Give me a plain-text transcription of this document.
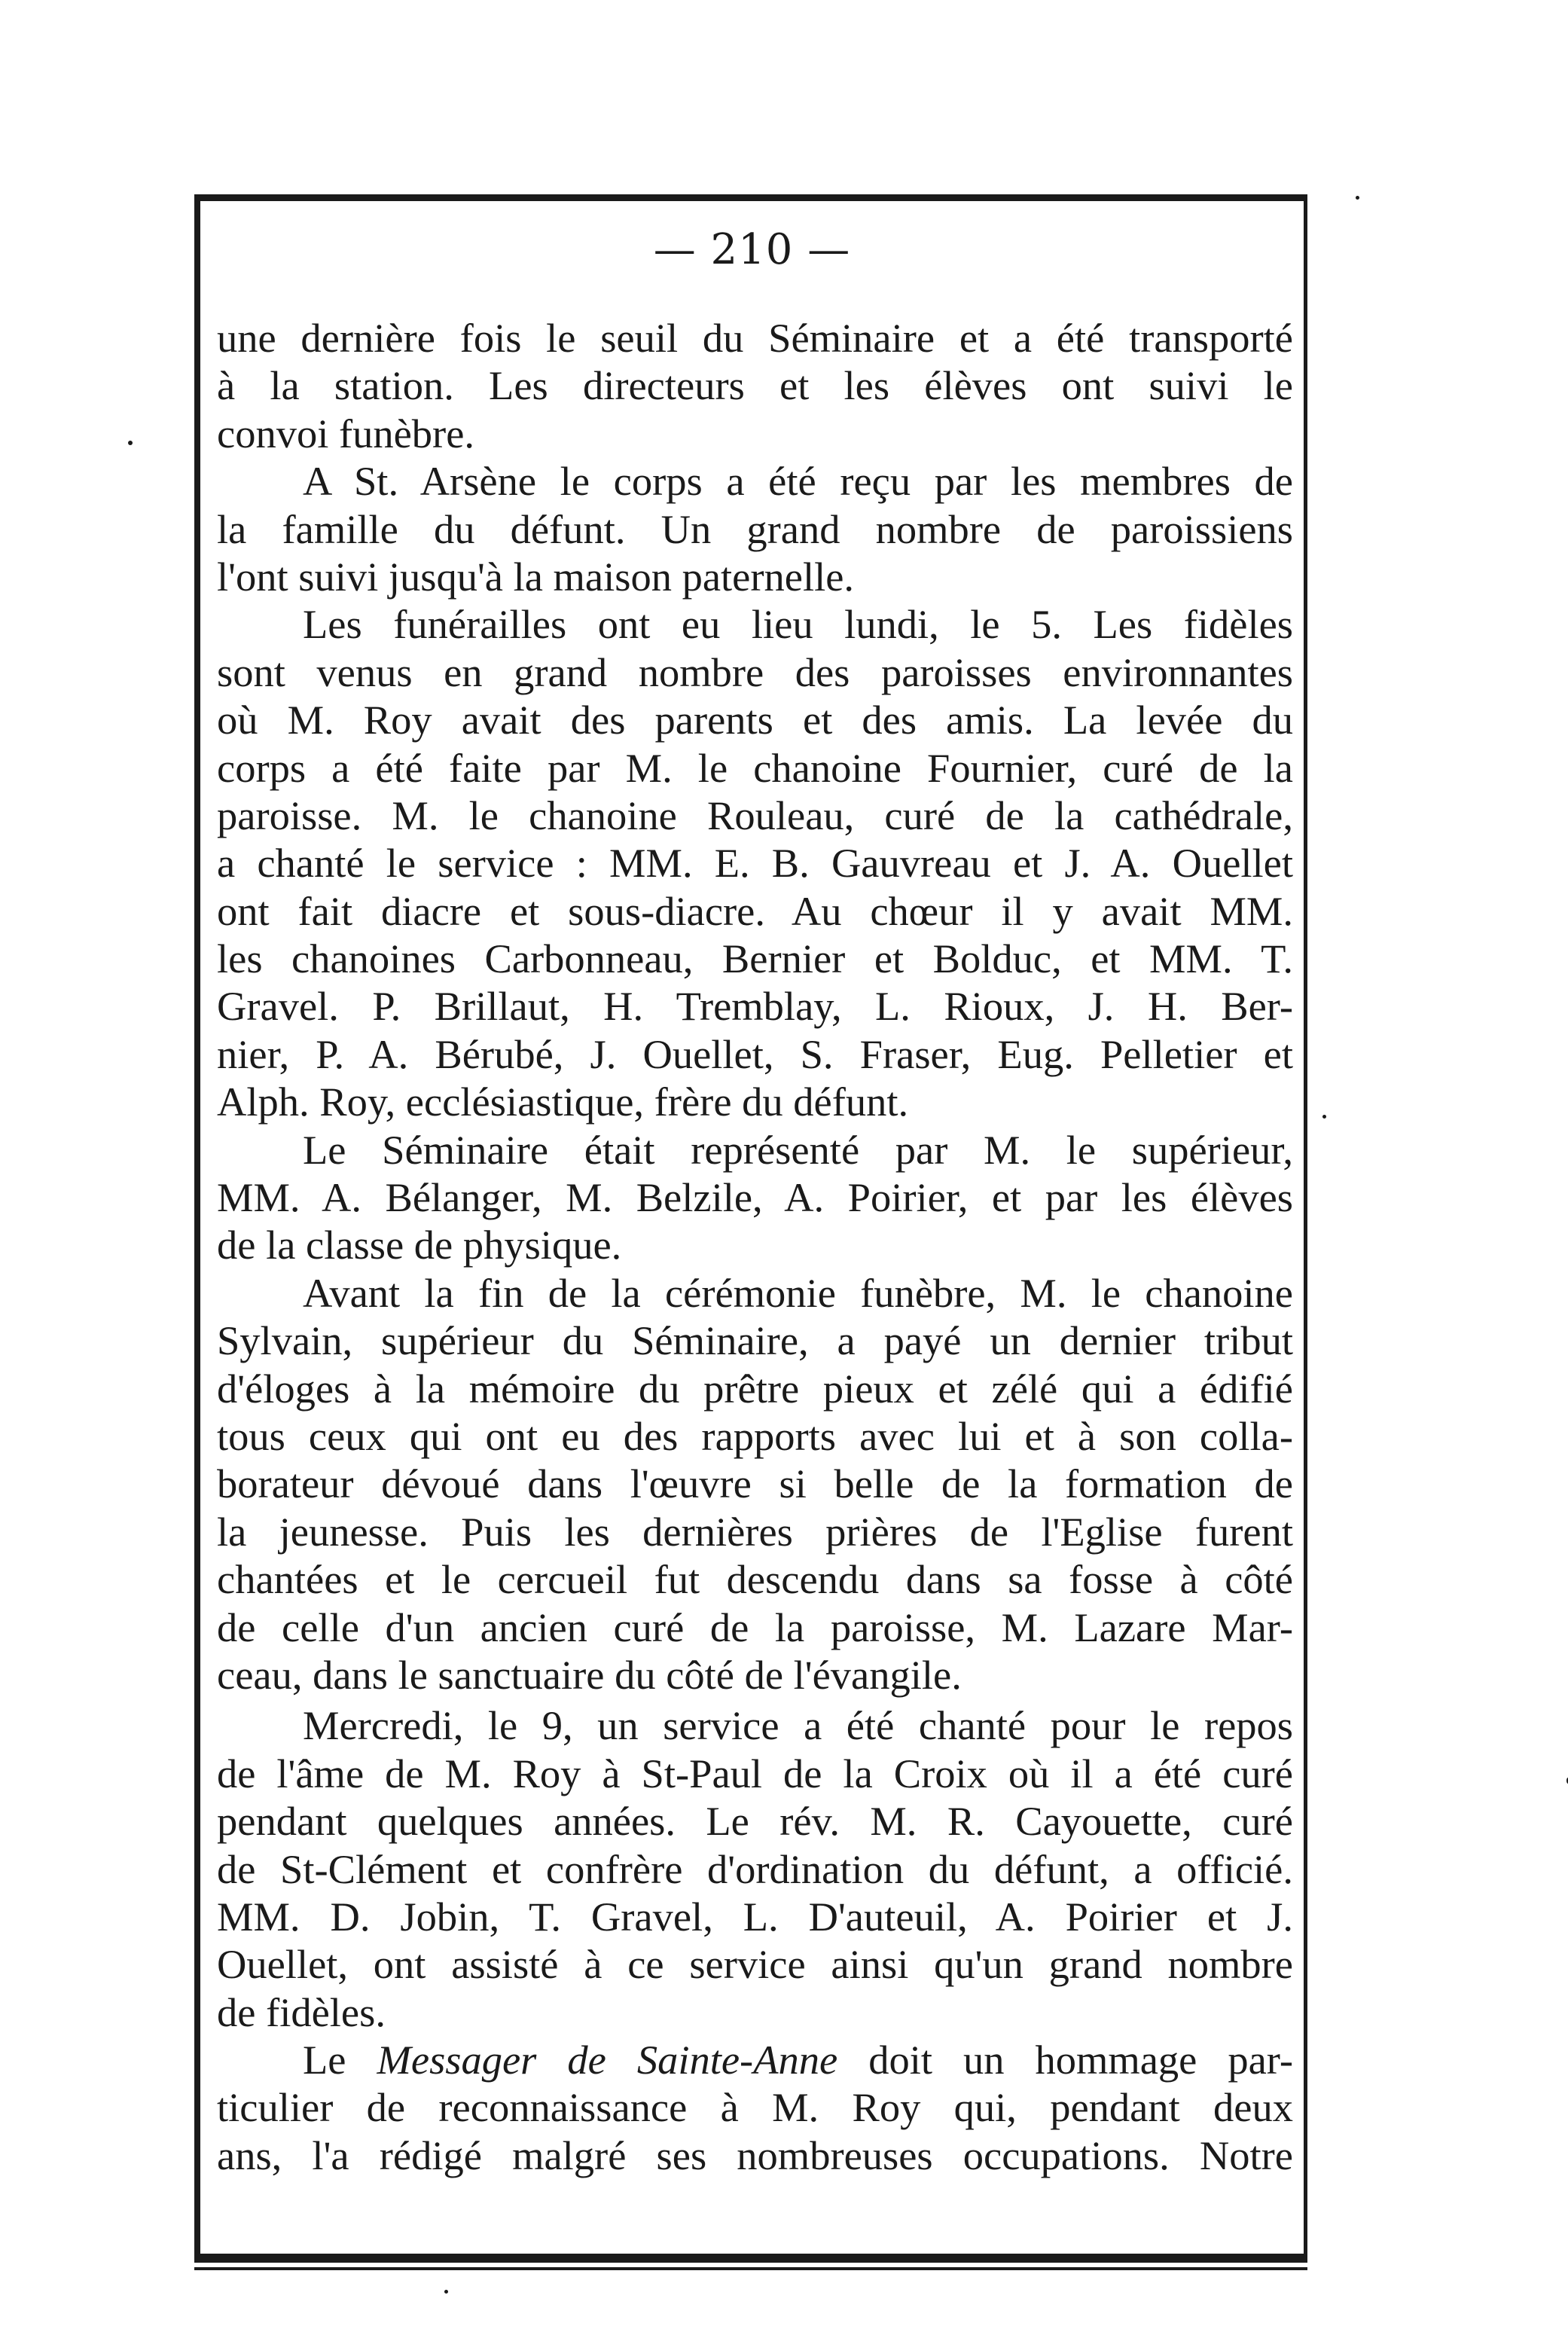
— 210 —
une dernière fois le seuil du Séminaire et a été transporté
à la station. Les directeurs et les élèves ont suivi le
convoi funèbre.
A St. Arsène le corps a été reçu par les membres de
la famille du défunt. Un grand nombre de paroissiens
l'ont suivi jusqu'à la maison paternelle.
Les funérailles ont eu lieu lundi, le 5. Les fidèles
sont venus en grand nombre des paroisses environnantes
où M. Roy avait des parents et des amis. La levée du
corps a été faite par M. le chanoine Fournier, curé de la
paroisse. M. le chanoine Rouleau, curé de la cathédrale,
a chanté le service : MM. E. B. Gauvreau et J. A. Ouellet
ont fait diacre et sous-diacre. Au chœur il y avait MM.
les chanoines Carbonneau, Bernier et Bolduc, et MM. T.
Gravel. P. Brillaut, H. Tremblay, L. Rioux, J. H. Ber-
nier, P. A. Bérubé, J. Ouellet, S. Fraser, Eug. Pelletier et
Alph. Roy, ecclésiastique, frère du défunt.
Le Séminaire était représenté par M. le supérieur,
MM. A. Bélanger, M. Belzile, A. Poirier, et par les élèves
de la classe de physique.
Avant la fin de la cérémonie funèbre, M. le chanoine
Sylvain, supérieur du Séminaire, a payé un dernier tribut
d'éloges à la mémoire du prêtre pieux et zélé qui a édifié
tous ceux qui ont eu des rapports avec lui et à son colla-
borateur dévoué dans l'œuvre si belle de la formation de
la jeunesse. Puis les dernières prières de l'Eglise furent
chantées et le cercueil fut descendu dans sa fosse à côté
de celle d'un ancien curé de la paroisse, M. Lazare Mar-
ceau, dans le sanctuaire du côté de l'évangile.
Mercredi, le 9, un service a été chanté pour le repos
de l'âme de M. Roy à St-Paul de la Croix où il a été curé
pendant quelques années. Le rév. M. R. Cayouette, curé
de St-Clément et confrère d'ordination du défunt, a officié.
MM. D. Jobin, T. Gravel, L. D'auteuil, A. Poirier et J.
Ouellet, ont assisté à ce service ainsi qu'un grand nombre
de fidèles.
Le Messager de Sainte-Anne doit un hommage par-
ticulier de reconnaissance à M. Roy qui, pendant deux
ans, l'a rédigé malgré ses nombreuses occupations. Notre
